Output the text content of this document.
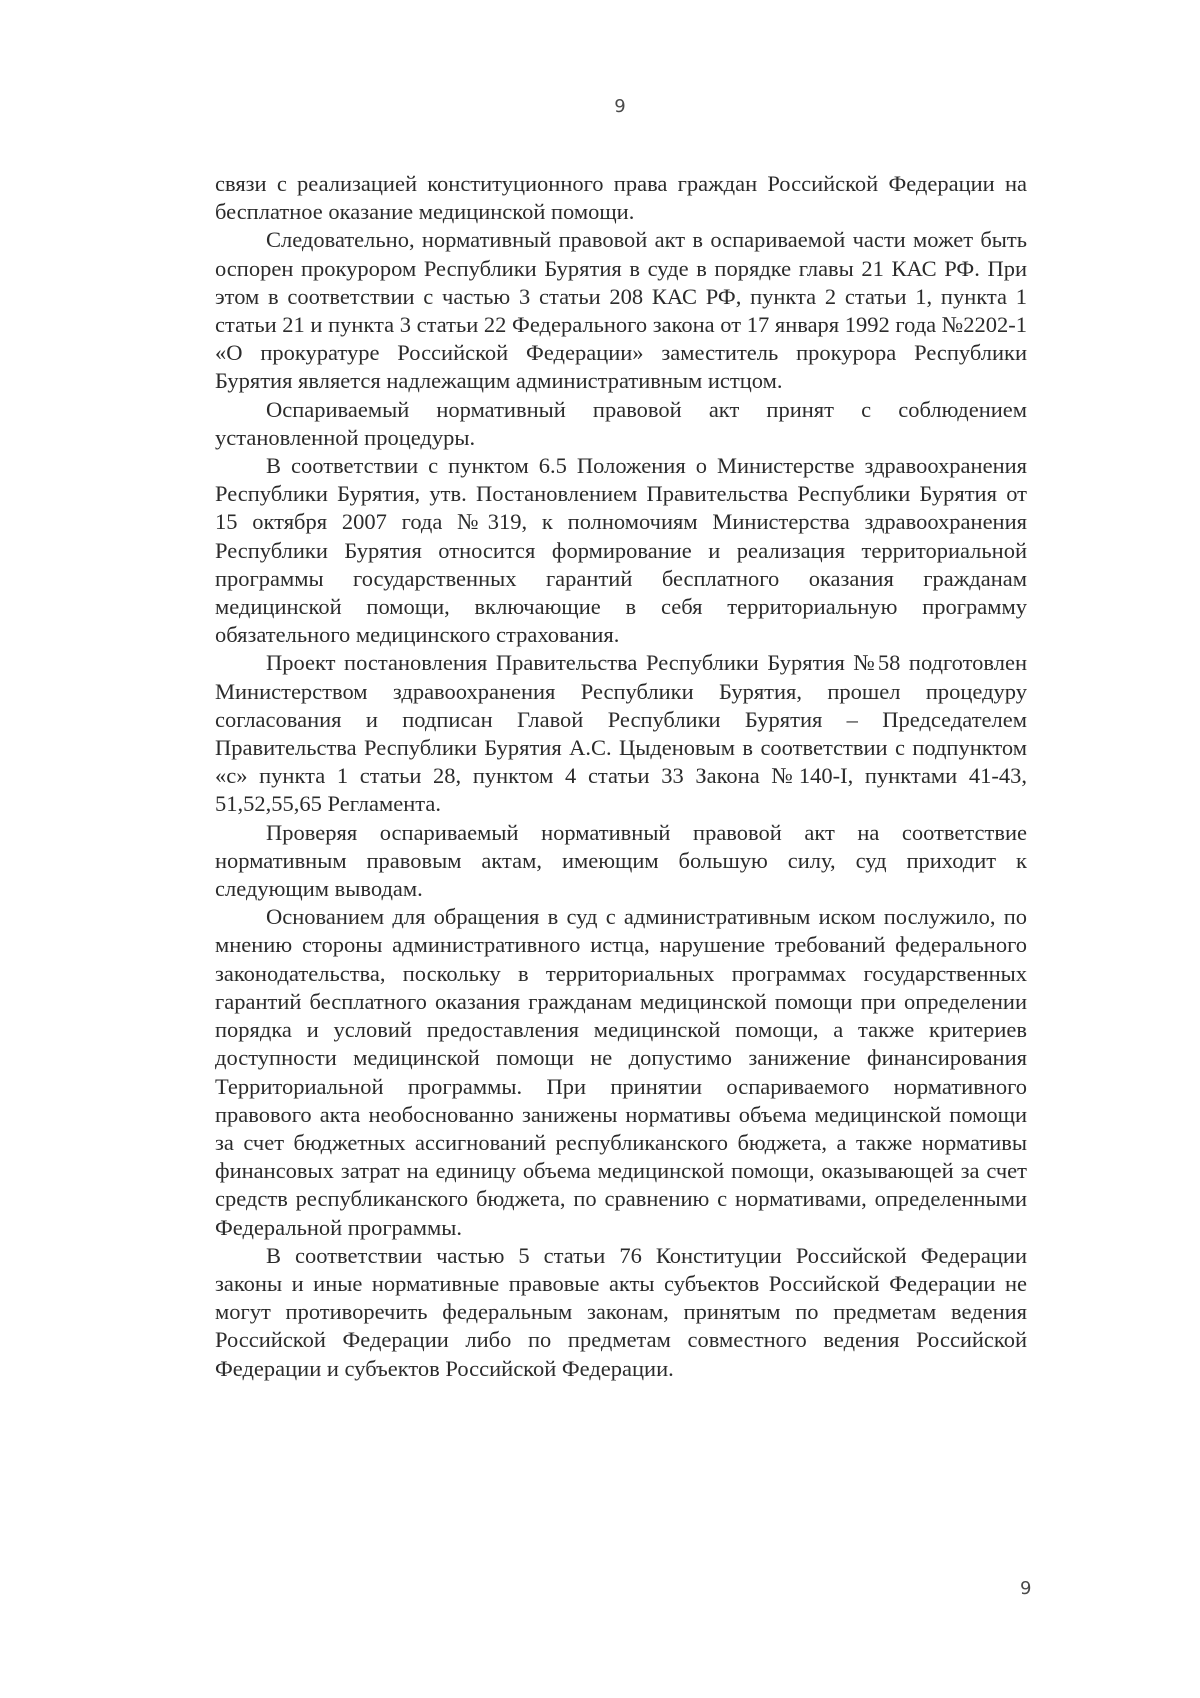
9

связи с реализацией конституционного права граждан Российской Федерации на бесплатное оказание медицинской помощи.

Следовательно, нормативный правовой акт в оспариваемой части может быть оспорен прокурором Республики Бурятия в суде в порядке главы 21 КАС РФ. При этом в соответствии с частью 3 статьи 208 КАС РФ, пункта 2 статьи 1, пункта 1 статьи 21 и пункта 3 статьи 22 Федерального закона от 17 января 1992 года №2202-1 «О прокуратуре Российской Федерации» заместитель прокурора Республики Бурятия является надлежащим административным истцом.

Оспариваемый нормативный правовой акт принят с соблюдением установленной процедуры.

В соответствии с пунктом 6.5 Положения о Министерстве здравоохранения Республики Бурятия, утв. Постановлением Правительства Республики Бурятия от 15 октября 2007 года №319, к полномочиям Министерства здравоохранения Республики Бурятия относится формирование и реализация территориальной программы государственных гарантий бесплатного оказания гражданам медицинской помощи, включающие в себя территориальную программу обязательного медицинского страхования.

Проект постановления Правительства Республики Бурятия №58 подготовлен Министерством здравоохранения Республики Бурятия, прошел процедуру согласования и подписан Главой Республики Бурятия – Председателем Правительства Республики Бурятия А.С. Цыденовым в соответствии с подпунктом «с» пункта 1 статьи 28, пунктом 4 статьи 33 Закона №140-I, пунктами 41-43, 51,52,55,65 Регламента.

Проверяя оспариваемый нормативный правовой акт на соответствие нормативным правовым актам, имеющим большую силу, суд приходит к следующим выводам.

Основанием для обращения в суд с административным иском послужило, по мнению стороны административного истца, нарушение требований федерального законодательства, поскольку в территориальных программах государственных гарантий бесплатного оказания гражданам медицинской помощи при определении порядка и условий предоставления медицинской помощи, а также критериев доступности медицинской помощи не допустимо занижение финансирования Территориальной программы. При принятии оспариваемого нормативного правового акта необоснованно занижены нормативы объема медицинской помощи за счет бюджетных ассигнований республиканского бюджета, а также нормативы финансовых затрат на единицу объема медицинской помощи, оказывающей за счет средств республиканского бюджета, по сравнению с нормативами, определенными Федеральной программы.

В соответствии частью 5 статьи 76 Конституции Российской Федерации законы и иные нормативные правовые акты субъектов Российской Федерации не могут противоречить федеральным законам, принятым по предметам ведения Российской Федерации либо по предметам совместного ведения Российской Федерации и субъектов Российской Федерации.

9
